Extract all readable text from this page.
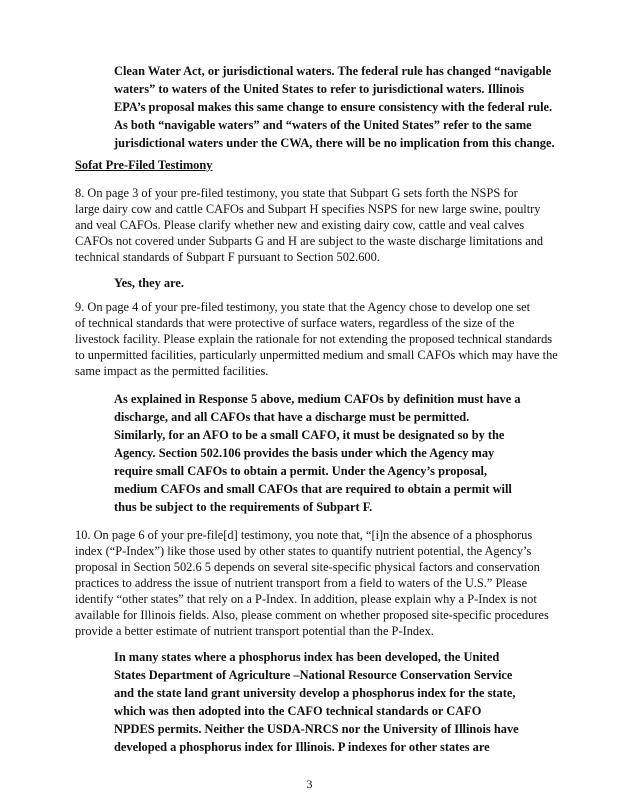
Clean Water Act, or jurisdictional waters. The federal rule has changed “navigable
waters” to waters of the United States to refer to jurisdictional waters. Illinois
EPA’s proposal makes this same change to ensure consistency with the federal rule.
As both “navigable waters” and “waters of the United States” refer to the same
jurisdictional waters under the CWA, there will be no implication from this change.
Sofat Pre-Filed Testimony
8. On page 3 of your pre-filed testimony, you state that Subpart G sets forth the NSPS for
large dairy cow and cattle CAFOs and Subpart H specifies NSPS for new large swine, poultry
and veal CAFOs. Please clarify whether new and existing dairy cow, cattle and veal calves
CAFOs not covered under Subparts G and H are subject to the waste discharge limitations and
technical standards of Subpart F pursuant to Section 502.600.
Yes, they are.
9. On page 4 of your pre-filed testimony, you state that the Agency chose to develop one set
of technical standards that were protective of surface waters, regardless of the size of the
livestock facility. Please explain the rationale for not extending the proposed technical standards
to unpermitted facilities, particularly unpermitted medium and small CAFOs which may have the
same impact as the permitted facilities.
As explained in Response 5 above, medium CAFOs by definition must have a
discharge, and all CAFOs that have a discharge must be permitted.
Similarly, for an AFO to be a small CAFO, it must be designated so by the
Agency. Section 502.106 provides the basis under which the Agency may
require small CAFOs to obtain a permit. Under the Agency’s proposal,
medium CAFOs and small CAFOs that are required to obtain a permit will
thus be subject to the requirements of Subpart F.
10. On page 6 of your pre-file[d] testimony, you note that, “[i]n the absence of a phosphorus
index (“P-Index”) like those used by other states to quantify nutrient potential, the Agency’s
proposal in Section 502.6 5 depends on several site-specific physical factors and conservation
practices to address the issue of nutrient transport from a field to waters of the U.S.” Please
identify “other states” that rely on a P-Index. In addition, please explain why a P-Index is not
available for Illinois fields. Also, please comment on whether proposed site-specific procedures
provide a better estimate of nutrient transport potential than the P-Index.
In many states where a phosphorus index has been developed, the United
States Department of Agriculture –National Resource Conservation Service
and the state land grant university develop a phosphorus index for the state,
which was then adopted into the CAFO technical standards or CAFO
NPDES permits. Neither the USDA-NRCS nor the University of Illinois have
developed a phosphorus index for Illinois. P indexes for other states are
3
